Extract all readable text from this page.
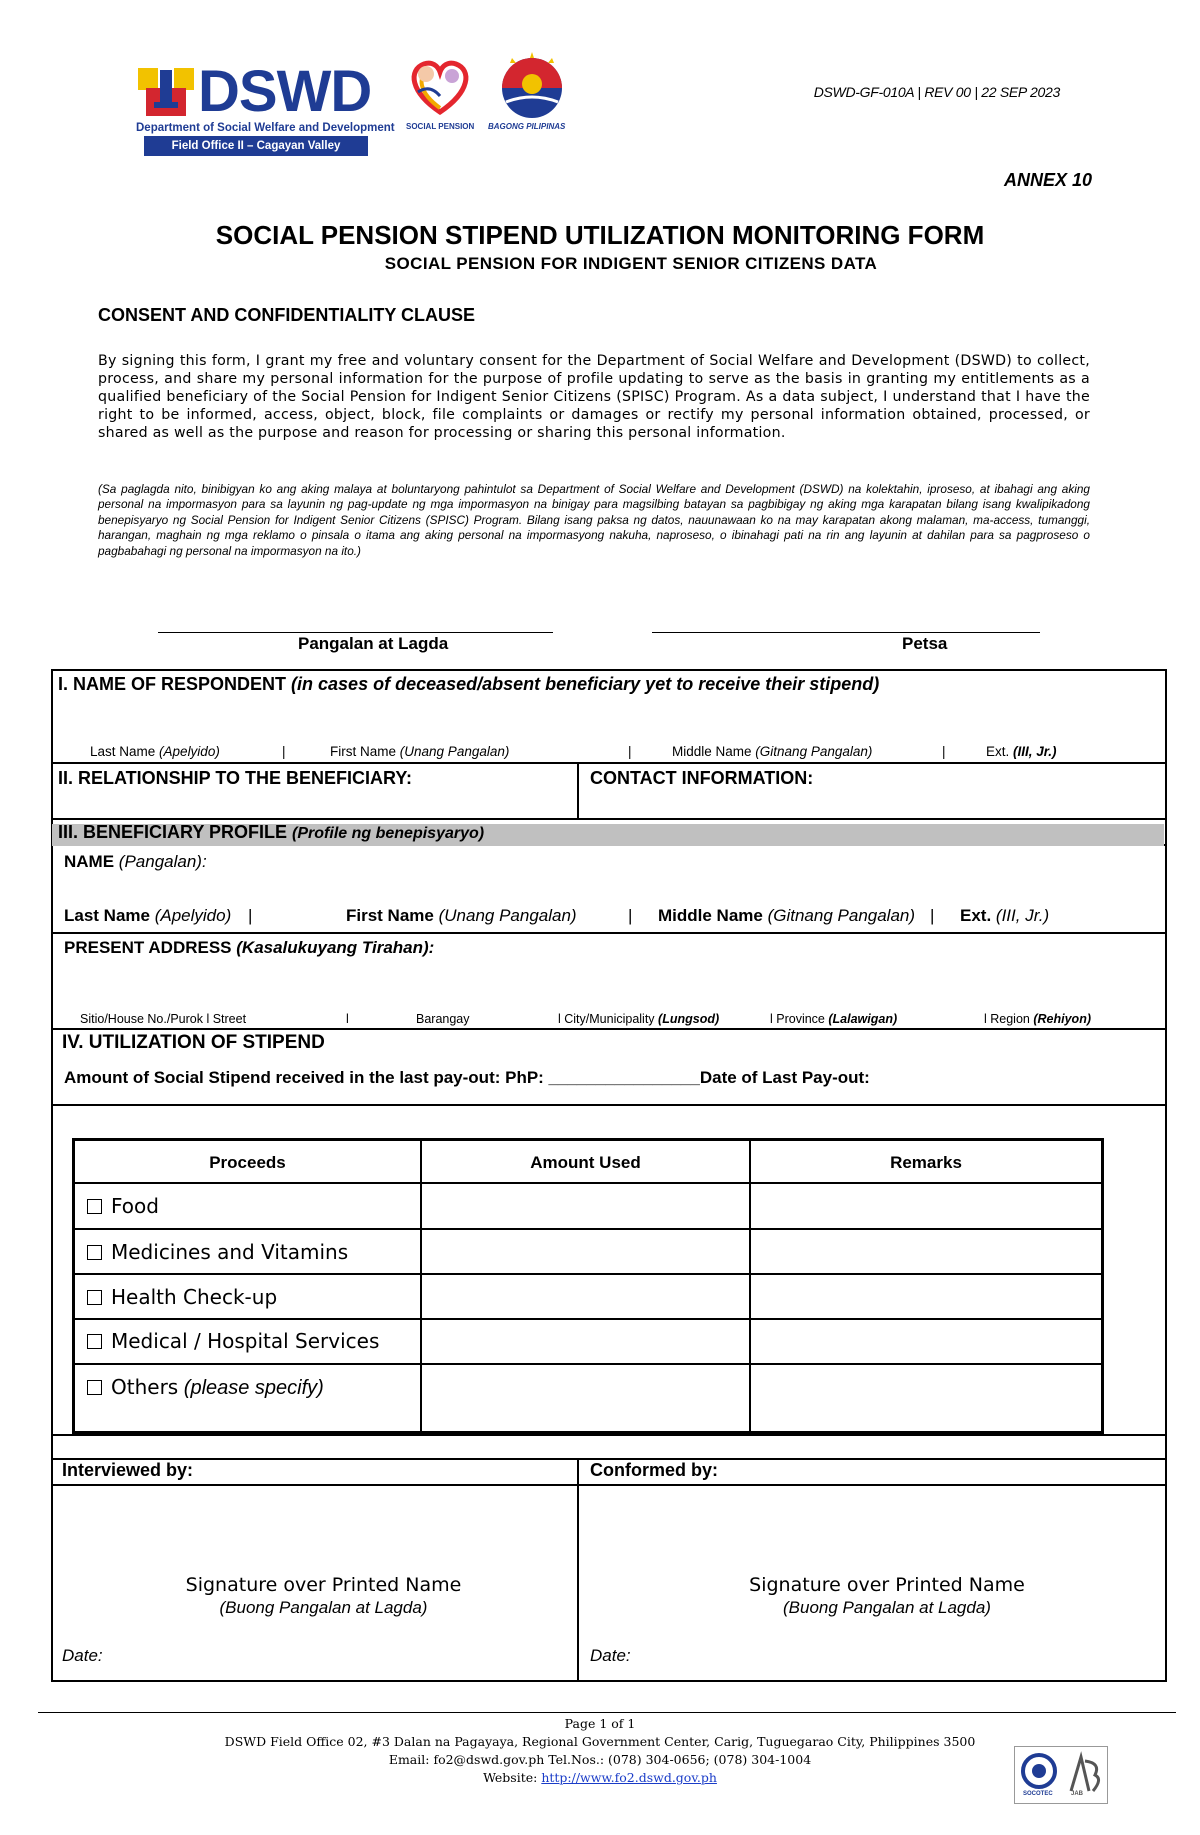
DSWD
Department of Social Welfare and Development
Field Office II – Cagayan Valley
SOCIAL PENSION BAGONG PILIPINAS
DSWD-GF-010A | REV 00 | 22 SEP 2023
ANNEX 10
SOCIAL PENSION STIPEND UTILIZATION MONITORING FORM
SOCIAL PENSION FOR INDIGENT SENIOR CITIZENS DATA
CONSENT AND CONFIDENTIALITY CLAUSE
By signing this form, I grant my free and voluntary consent for the Department of Social Welfare and Development (DSWD) to collect, process, and share my personal information for the purpose of profile updating to serve as the basis in granting my entitlements as a qualified beneficiary of the Social Pension for Indigent Senior Citizens (SPISC) Program. As a data subject, I understand that I have the right to be informed, access, object, block, file complaints or damages or rectify my personal information obtained, processed, or shared as well as the purpose and reason for processing or sharing this personal information.
(Sa paglagda nito, binibigyan ko ang aking malaya at boluntaryong pahintulot sa Department of Social Welfare and Development (DSWD) na kolektahin, iproseso, at ibahagi ang aking personal na impormasyon para sa layunin ng pag-update ng mga impormasyon na binigay para magsilbing batayan sa pagbibigay ng aking mga karapatan bilang isang kwalipikadong benepisyaryo ng Social Pension for Indigent Senior Citizens (SPISC) Program. Bilang isang paksa ng datos, nauunawaan ko na may karapatan akong malaman, ma-access, tumanggi, harangan, maghain ng mga reklamo o pinsala o itama ang aking personal na impormasyong nakuha, naproseso, o ibinahagi pati na rin ang layunin at dahilan para sa pagproseso o pagbabahagi ng personal na impormasyon na ito.)
Pangalan at Lagda	Petsa
I. NAME OF RESPONDENT (in cases of deceased/absent beneficiary yet to receive their stipend)
Last Name (Apelyido)	|	First Name (Unang Pangalan)	|	Middle Name (Gitnang Pangalan)	|	Ext. (III, Jr.)
II. RELATIONSHIP TO THE BENEFICIARY:	CONTACT INFORMATION:
III. BENEFICIARY PROFILE (Profile ng benepisyaryo)
NAME (Pangalan):
Last Name (Apelyido) |	First Name (Unang Pangalan)	| Middle Name (Gitnang Pangalan) | Ext. (III, Jr.)
PRESENT ADDRESS (Kasalukuyang Tirahan):
Sitio/House No./Purok l Street	l	Barangay	l City/Municipality (Lungsod)	l Province (Lalawigan)	l Region (Rehiyon)
IV. UTILIZATION OF STIPEND
Amount of Social Stipend received in the last pay-out: PhP: ________________Date of Last Pay-out:
Proceeds	Amount Used	Remarks
Food
Medicines and Vitamins
Health Check-up
Medical / Hospital Services
Others (please specify)
Interviewed by:	Conformed by:
Signature over Printed Name
(Buong Pangalan at Lagda)
Date:
Signature over Printed Name
(Buong Pangalan at Lagda)
Date:
Page 1 of 1
DSWD Field Office 02, #3 Dalan na Pagayaya, Regional Government Center, Carig, Tuguegarao City, Philippines 3500
Email: fo2@dswd.gov.ph Tel.Nos.: (078) 304-0656; (078) 304-1004
Website: http://www.fo2.dswd.gov.ph
SOCOTEC	JAB
